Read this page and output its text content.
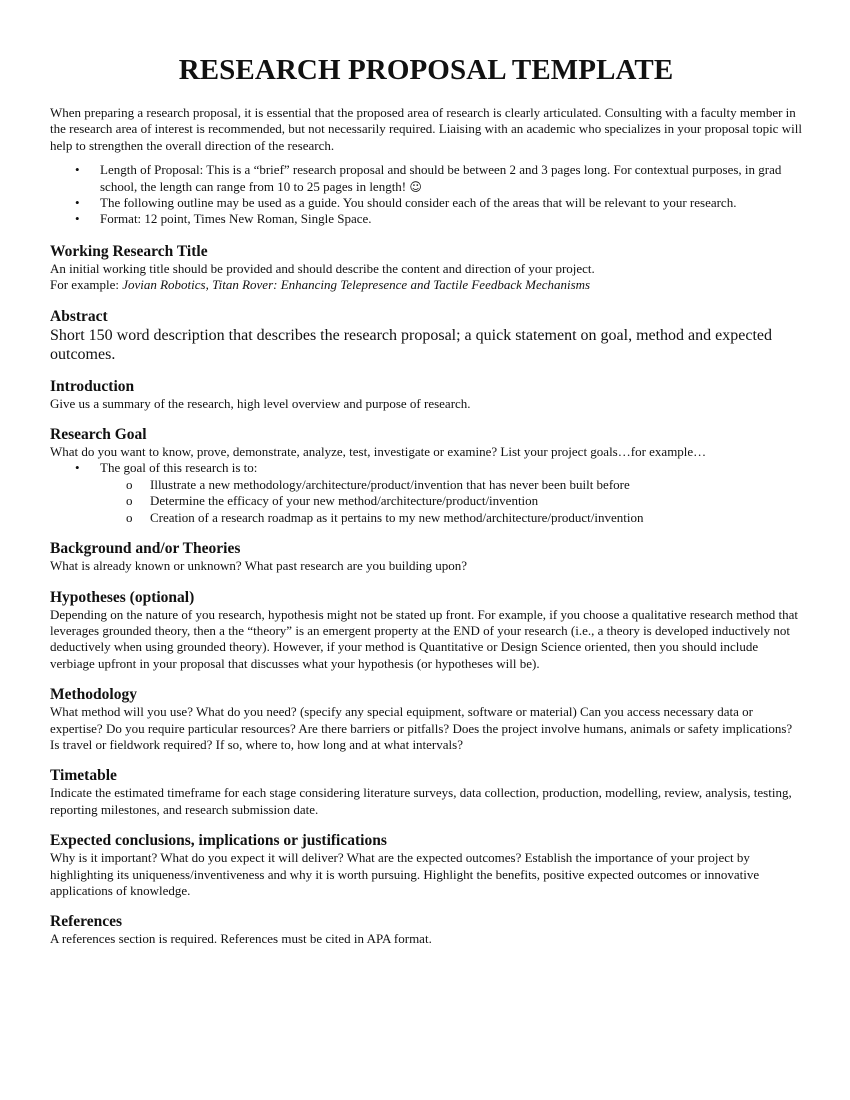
RESEARCH PROPOSAL TEMPLATE

When preparing a research proposal, it is essential that the proposed area of research is clearly articulated. Consulting with a faculty member in the research area of interest is recommended, but not necessarily required. Liaising with an academic who specializes in your proposal topic will help to strengthen the overall direction of the research.

• Length of Proposal: This is a “brief” research proposal and should be between 2 and 3 pages long. For contextual purposes, in grad school, the length can range from 10 to 25 pages in length! ☺
• The following outline may be used as a guide. You should consider each of the areas that will be relevant to your research.
• Format: 12 point, Times New Roman, Single Space.
Working Research Title

An initial working title should be provided and should describe the content and direction of your project.

For example: Jovian Robotics, Titan Rover: Enhancing Telepresence and Tactile Feedback Mechanisms

Abstract

Short 150 word description that describes the research proposal; a quick statement on goal, method and expected outcomes.

Introduction

Give us a summary of the research, high level overview and purpose of research.

Research Goal

What do you want to know, prove, demonstrate, analyze, test, investigate or examine? List your project goals…for example…

• The goal of this research is to:
o Illustrate a new methodology/architecture/product/invention that has never been built before
o Determine the efficacy of your new method/architecture/product/invention
o Creation of a research roadmap as it pertains to my new method/architecture/product/invention
Background and/or Theories

What is already known or unknown? What past research are you building upon?

Hypotheses (optional)

Depending on the nature of you research, hypothesis might not be stated up front. For example, if you choose a qualitative research method that leverages grounded theory, then a the “theory” is an emergent property at the END of your research (i.e., a theory is developed inductively not deductively when using grounded theory). However, if your method is Quantitative or Design Science oriented, then you should include verbiage upfront in your proposal that discusses what your hypothesis (or hypotheses will be).

Methodology

What method will you use? What do you need? (specify any special equipment, software or material) Can you access necessary data or expertise? Do you require particular resources? Are there barriers or pitfalls? Does the project involve humans, animals or safety implications? Is travel or fieldwork required? If so, where to, how long and at what intervals?

Timetable

Indicate the estimated timeframe for each stage considering literature surveys, data collection, production, modelling, review, analysis, testing, reporting milestones, and research submission date.

Expected conclusions, implications or justifications

Why is it important? What do you expect it will deliver? What are the expected outcomes? Establish the importance of your project by highlighting its uniqueness/inventiveness and why it is worth pursuing. Highlight the benefits, positive expected outcomes or innovative applications of knowledge.

References

A references section is required. References must be cited in APA format.
